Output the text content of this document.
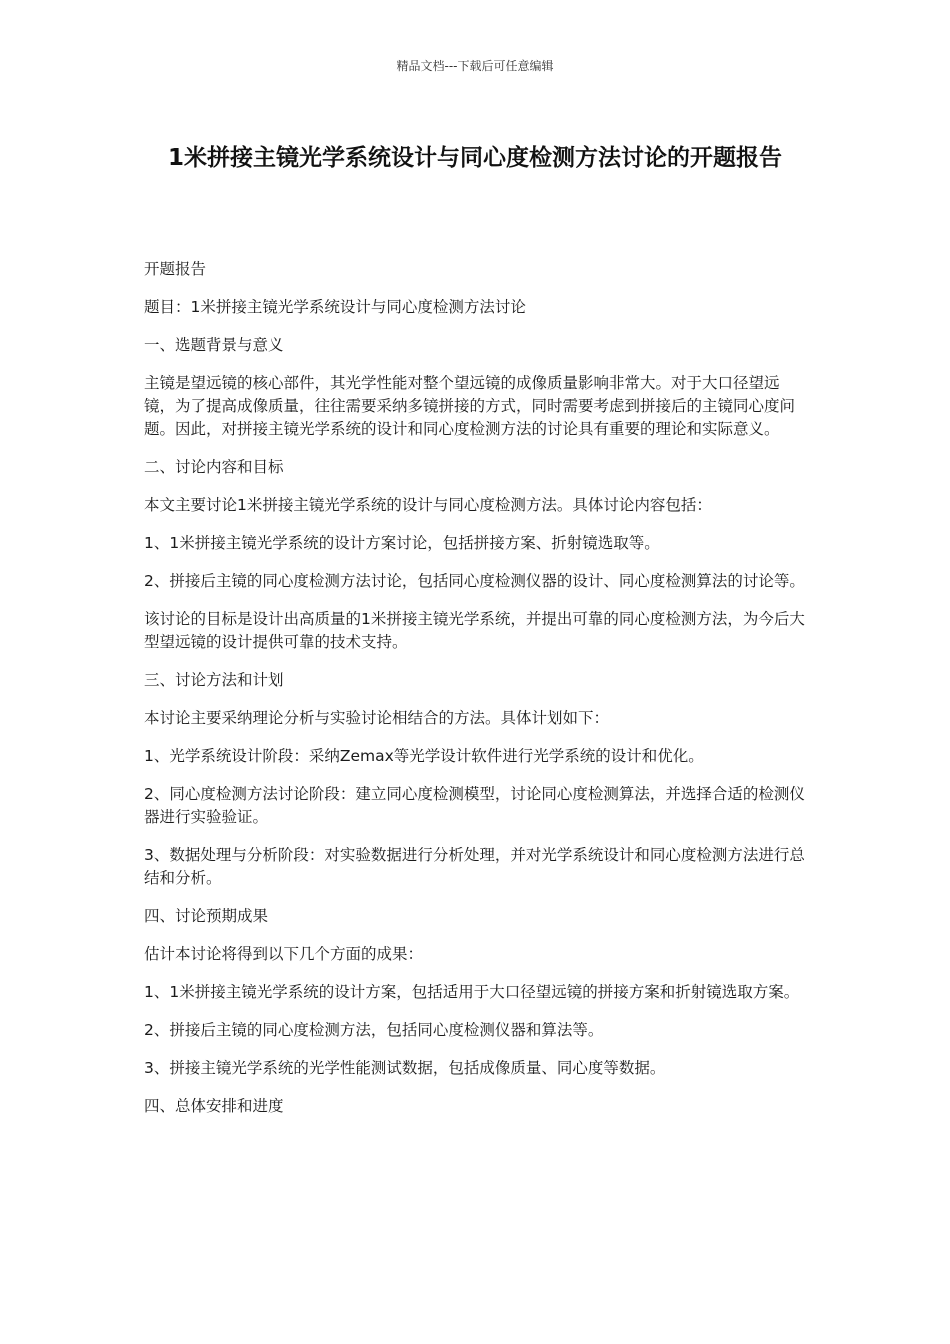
精品文档---下载后可任意编辑
1米拼接主镜光学系统设计与同心度检测方法讨论的开题报告

开题报告

题目：1米拼接主镜光学系统设计与同心度检测方法讨论

一、选题背景与意义

主镜是望远镜的核心部件，其光学性能对整个望远镜的成像质量影响非常大。对于大口径望远镜，为了提高成像质量，往往需要采纳多镜拼接的方式，同时需要考虑到拼接后的主镜同心度问题。因此，对拼接主镜光学系统的设计和同心度检测方法的讨论具有重要的理论和实际意义。

二、讨论内容和目标

本文主要讨论1米拼接主镜光学系统的设计与同心度检测方法。具体讨论内容包括：

1、1米拼接主镜光学系统的设计方案讨论，包括拼接方案、折射镜选取等。

2、拼接后主镜的同心度检测方法讨论，包括同心度检测仪器的设计、同心度检测算法的讨论等。

该讨论的目标是设计出高质量的1米拼接主镜光学系统，并提出可靠的同心度检测方法，为今后大型望远镜的设计提供可靠的技术支持。

三、讨论方法和计划

本讨论主要采纳理论分析与实验讨论相结合的方法。具体计划如下：

1、光学系统设计阶段：采纳Zemax等光学设计软件进行光学系统的设计和优化。

2、同心度检测方法讨论阶段：建立同心度检测模型，讨论同心度检测算法，并选择合适的检测仪器进行实验验证。

3、数据处理与分析阶段：对实验数据进行分析处理，并对光学系统设计和同心度检测方法进行总结和分析。

四、讨论预期成果

估计本讨论将得到以下几个方面的成果：

1、1米拼接主镜光学系统的设计方案，包括适用于大口径望远镜的拼接方案和折射镜选取方案。

2、拼接后主镜的同心度检测方法，包括同心度检测仪器和算法等。

3、拼接主镜光学系统的光学性能测试数据，包括成像质量、同心度等数据。

四、总体安排和进度
